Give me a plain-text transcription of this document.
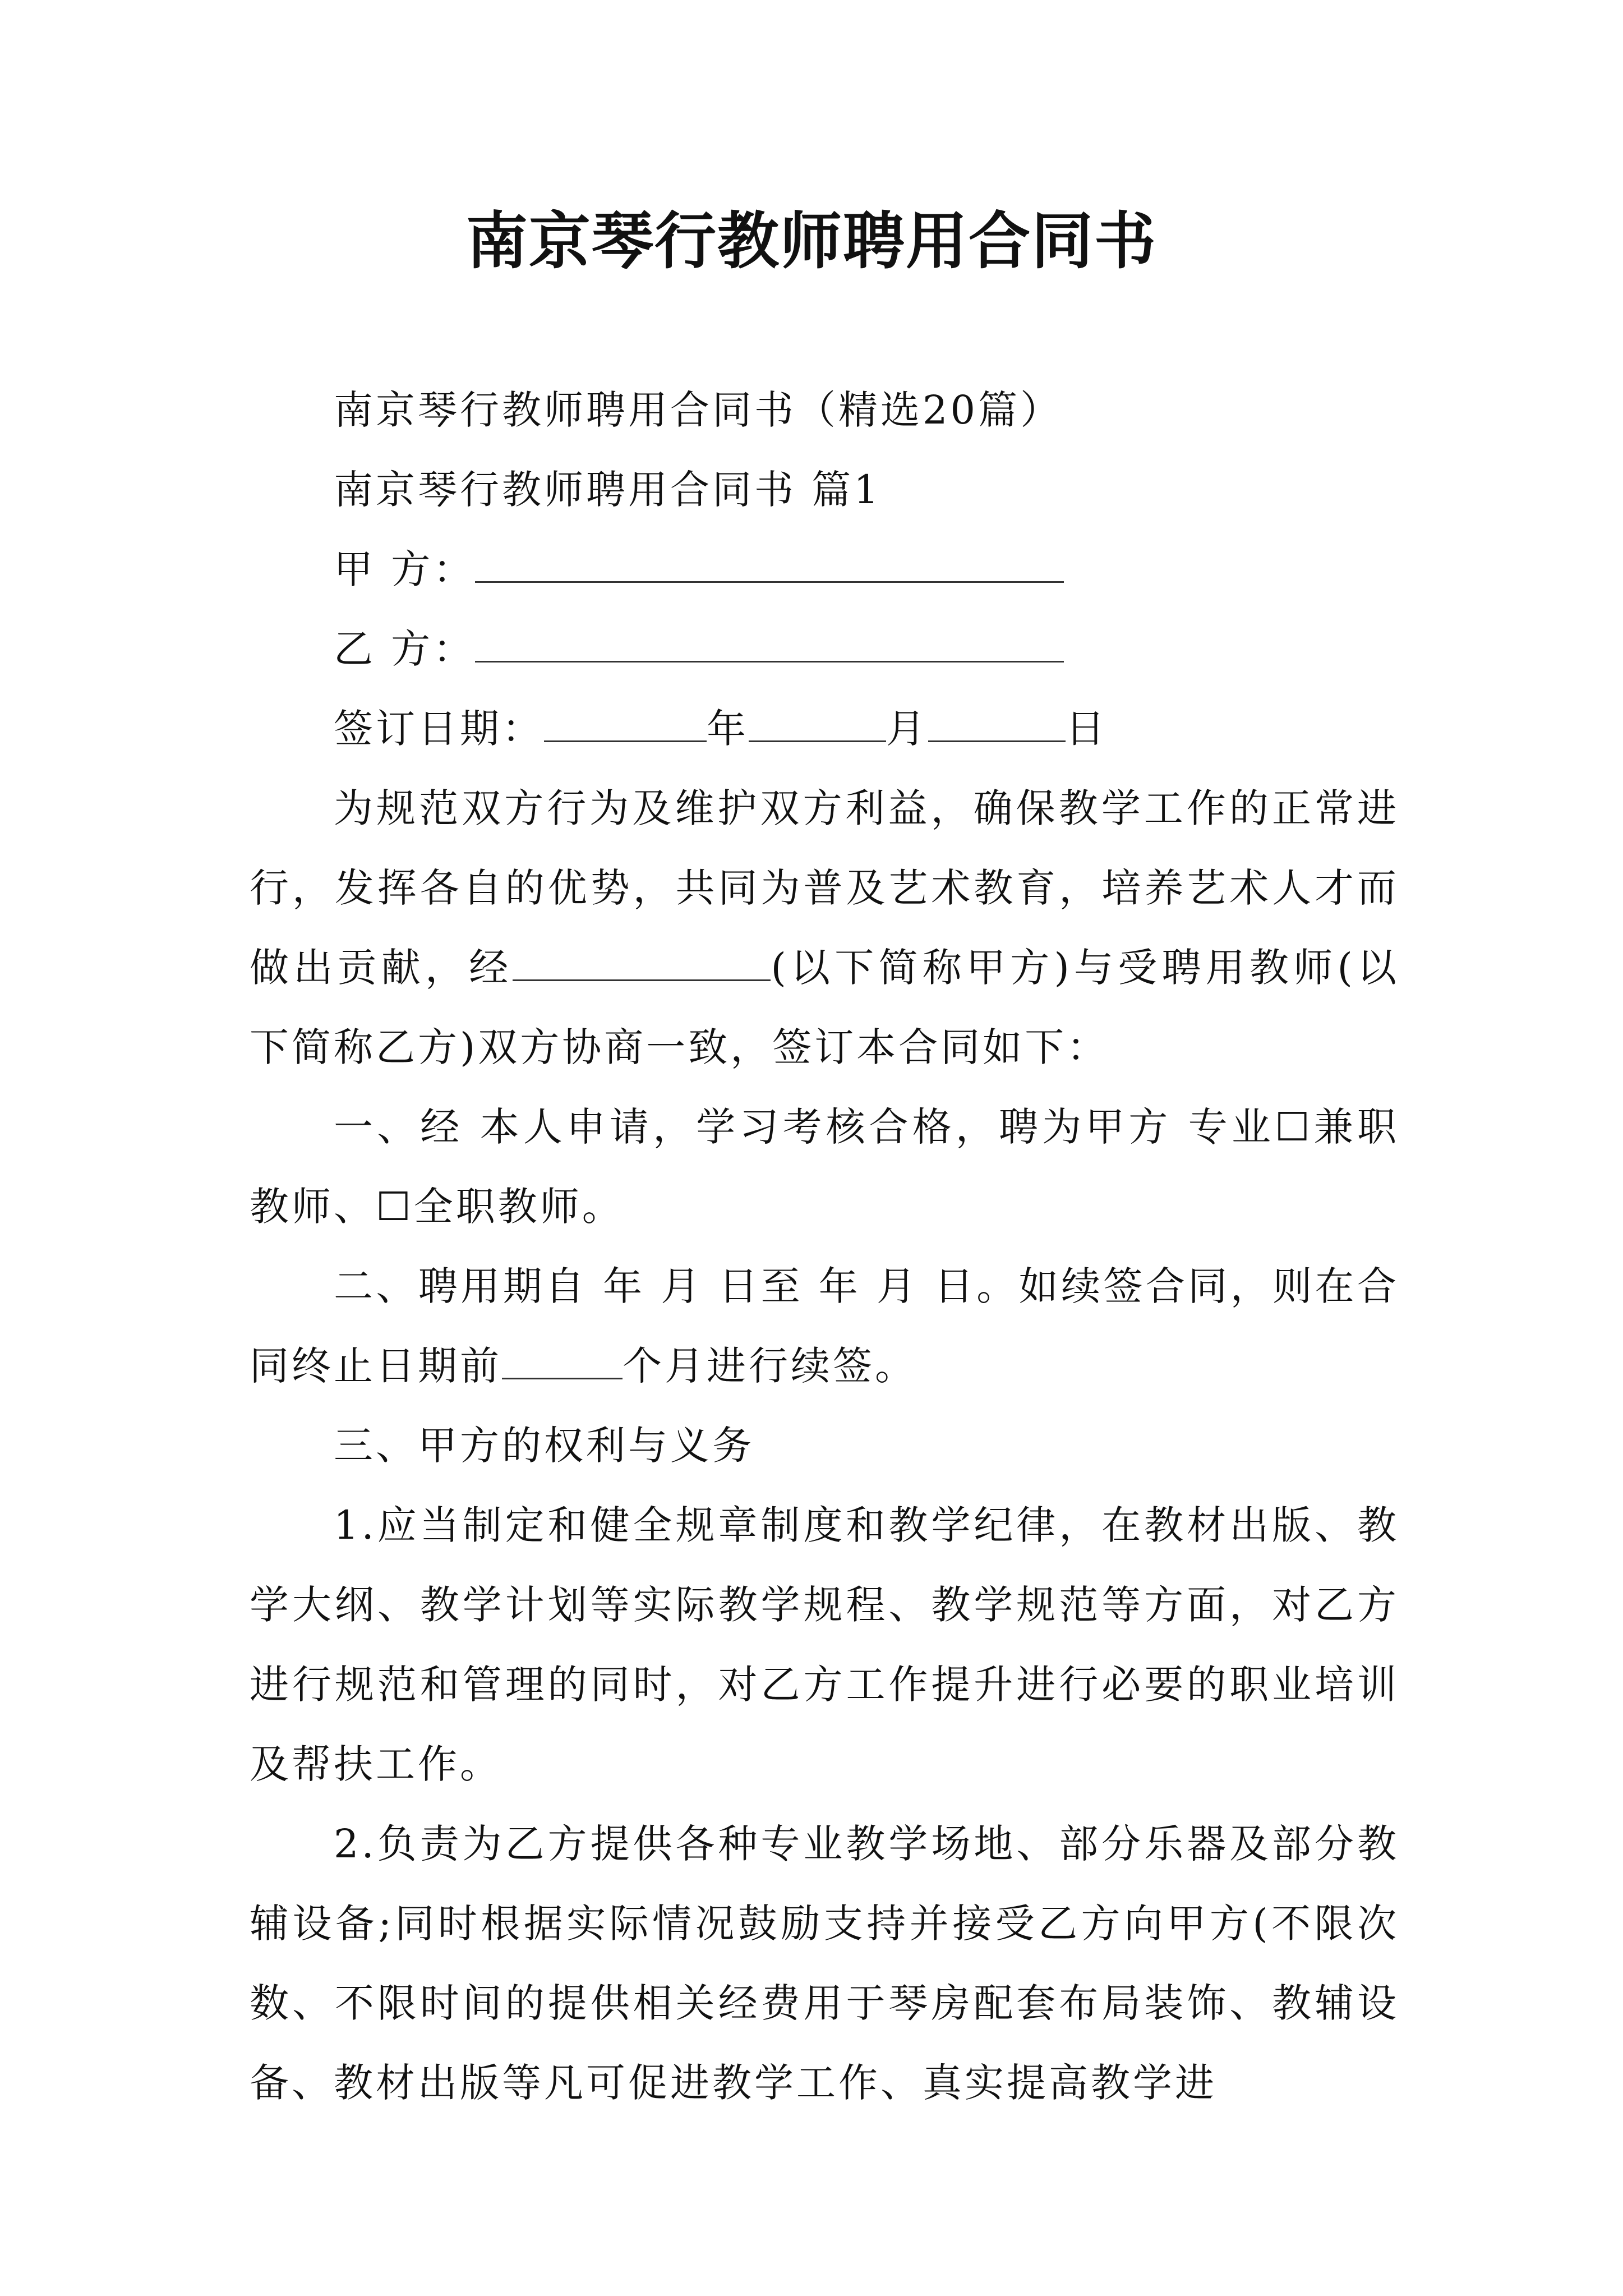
南京琴行教师聘用合同书

南京琴行教师聘用合同书（精选20篇）

南京琴行教师聘用合同书 篇1

甲 方：

乙 方：

签订日期：	年	月	日

为规范双方行为及维护双方利益，确保教学工作的正常进行，发挥各自的优势，共同为普及艺术教育，培养艺术人才而做出贡献，经	(以下简称甲方)与受聘用教师(以下简称乙方)双方协商一致，签订本合同如下：

一、经 本人申请，学习考核合格，聘为甲方 专业☐兼职教师、☐全职教师。

二、聘用期自 年 月 日至 年 月 日。如续签合同，则在合同终止日期前	个月进行续签。

三、甲方的权利与义务

1.应当制定和健全规章制度和教学纪律，在教材出版、教学大纲、教学计划等实际教学规程、教学规范等方面，对乙方进行规范和管理的同时，对乙方工作提升进行必要的职业培训及帮扶工作。

2.负责为乙方提供各种专业教学场地、部分乐器及部分教辅设备;同时根据实际情况鼓励支持并接受乙方向甲方(不限次数、不限时间的提供相关经费用于琴房配套布局装饰、教辅设备、教材出版等凡可促进教学工作、真实提高教学进
